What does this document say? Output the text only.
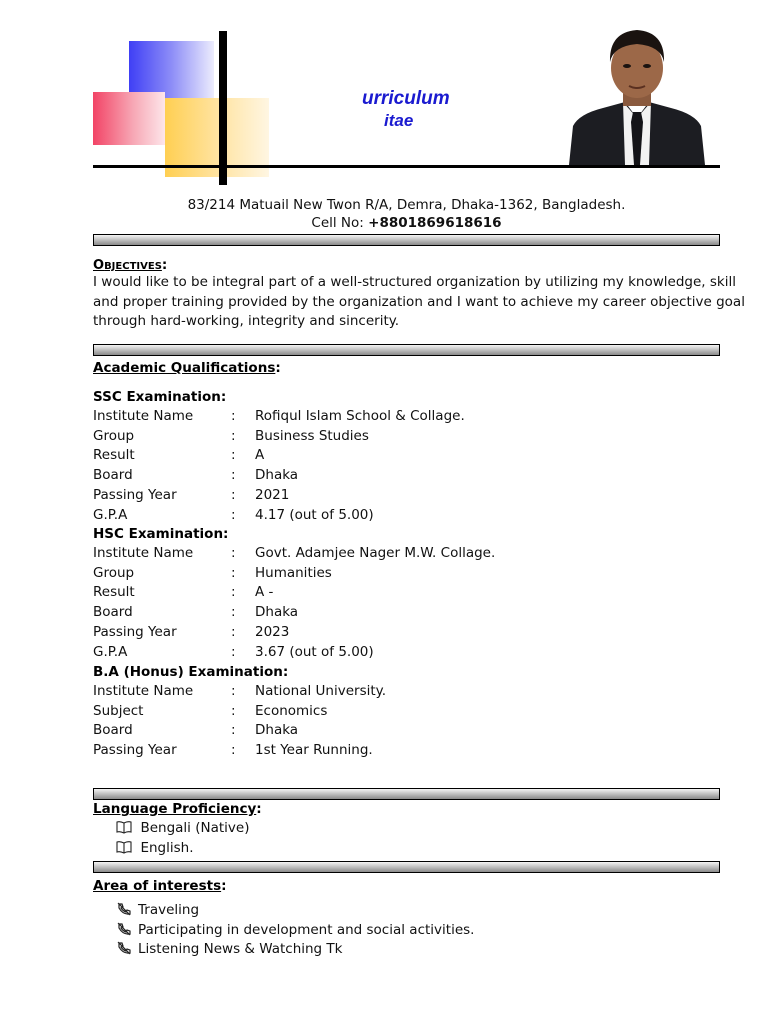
urriculum
itae
83/214 Matuail New Twon R/A, Demra, Dhaka-1362, Bangladesh.
Cell No: +8801869618616
OBJECTIVES:
I would like to be integral part of a well-structured organization by utilizing my knowledge, skill
and proper training provided by the organization and I want to achieve my career objective goal
through hard-working, integrity and sincerity.
Academic Qualifications:
SSC Examination:
Institute Name	: Rofiqul Islam School & Collage.
Group	: Business Studies
Result	: A
Board	: Dhaka
Passing Year	: 2021
G.P.A	: 4.17 (out of 5.00)
HSC Examination:
Institute Name	: Govt. Adamjee Nager M.W. Collage.
Group	: Humanities
Result	: A -
Board	: Dhaka
Passing Year	: 2023
G.P.A	: 3.67 (out of 5.00)
B.A (Honus) Examination:
Institute Name	: National University.
Subject	: Economics
Board	: Dhaka
Passing Year	: 1st Year Running.
Language Proficiency:
Bengali (Native)
English.
Area of interests:
Traveling
Participating in development and social activities.
Listening News & Watching Tk
